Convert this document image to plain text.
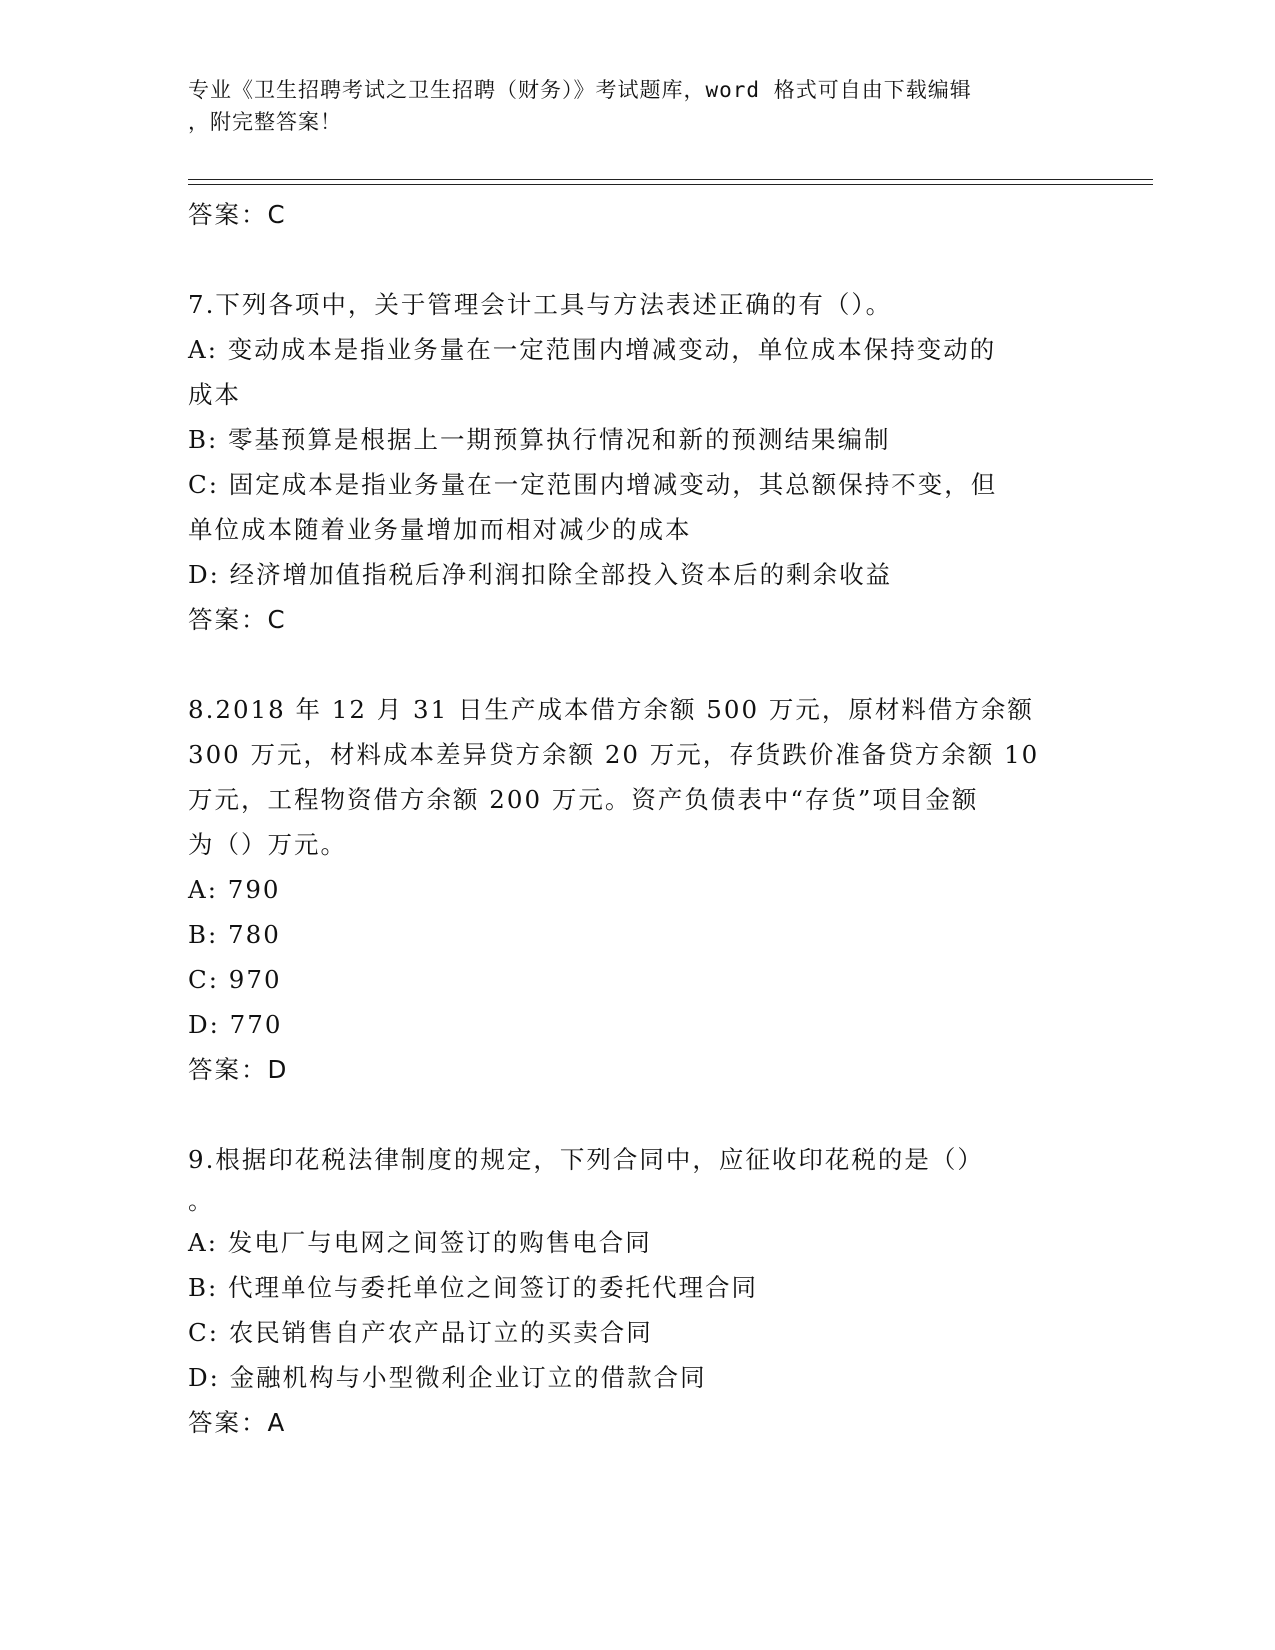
专业《卫生招聘考试之卫生招聘（财务）》考试题库，word 格式可自由下载编辑
，附完整答案！
答案：C
7.下列各项中，关于管理会计工具与方法表述正确的有（）。
A: 变动成本是指业务量在一定范围内增减变动，单位成本保持变动的
成本
B: 零基预算是根据上一期预算执行情况和新的预测结果编制
C: 固定成本是指业务量在一定范围内增减变动，其总额保持不变，但
单位成本随着业务量增加而相对减少的成本
D: 经济增加值指税后净利润扣除全部投入资本后的剩余收益
答案：C
8.2018 年 12 月 31 日生产成本借方余额 500 万元，原材料借方余额
300 万元，材料成本差异贷方余额 20 万元，存货跌价准备贷方余额 10
万元，工程物资借方余额 200 万元。资产负债表中“存货”项目金额
为（）万元。
A: 790
B: 780
C: 970
D: 770
答案：D
9.根据印花税法律制度的规定，下列合同中，应征收印花税的是（）
。
A: 发电厂与电网之间签订的购售电合同
B: 代理单位与委托单位之间签订的委托代理合同
C: 农民销售自产农产品订立的买卖合同
D: 金融机构与小型微利企业订立的借款合同
答案：A
